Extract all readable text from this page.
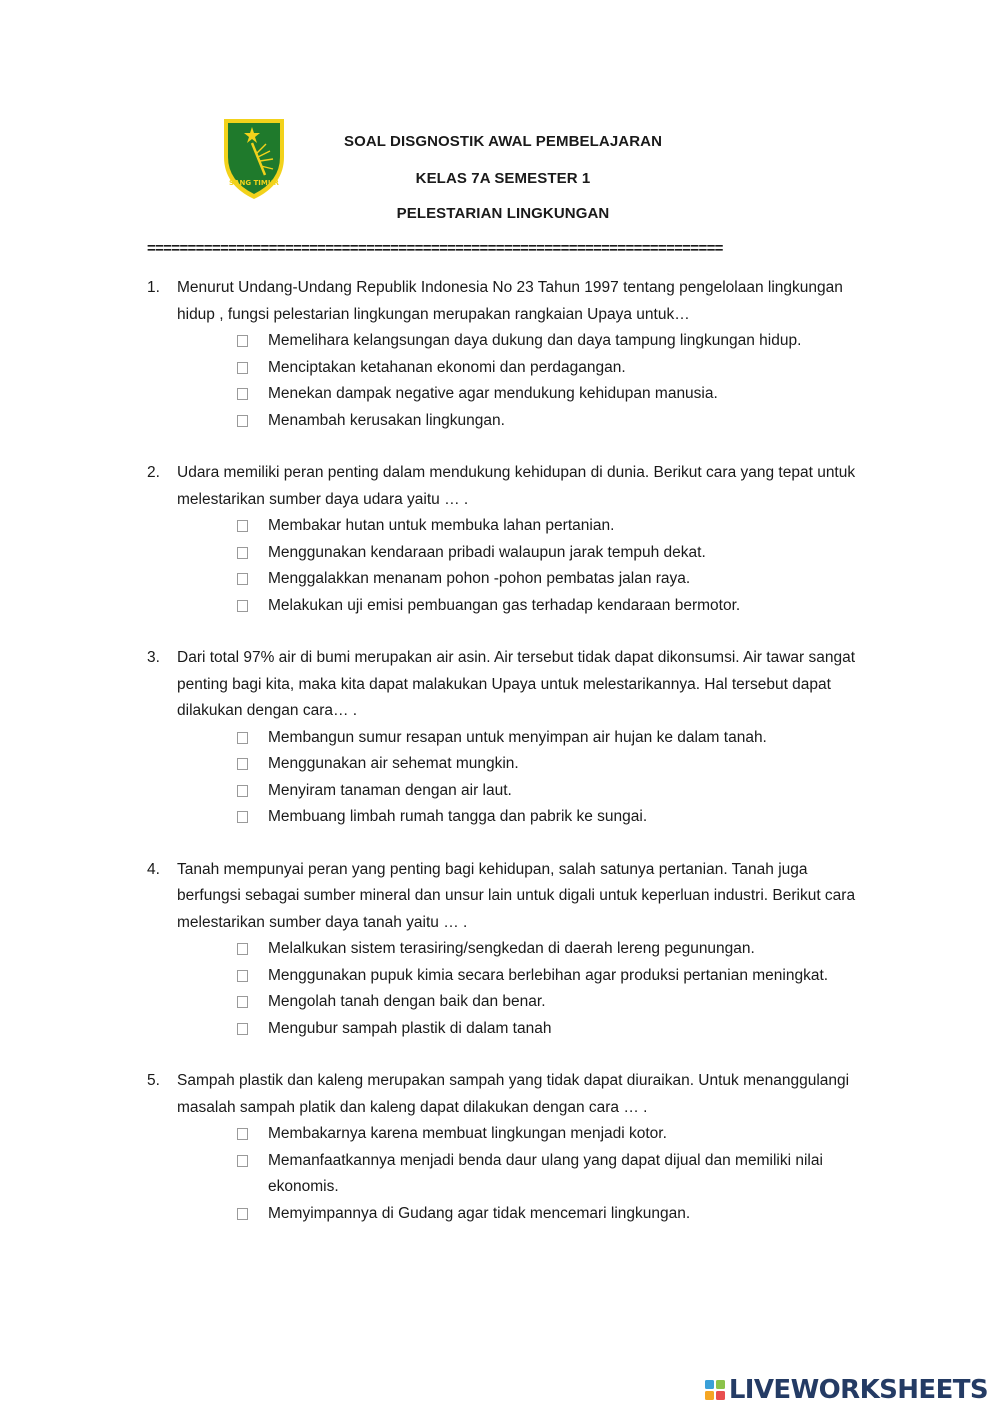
SANG TIMUR
SOAL DISGNOSTIK AWAL PEMBELAJARAN
KELAS 7A SEMESTER 1
PELESTARIAN LINGKUNGAN
=======================================================================
1. Menurut Undang-Undang Republik Indonesia No 23 Tahun 1997 tentang pengelolaan lingkungan hidup , fungsi pelestarian lingkungan merupakan rangkaian Upaya untuk…
Memelihara kelangsungan daya dukung dan daya tampung lingkungan hidup.
Menciptakan ketahanan ekonomi dan perdagangan.
Menekan dampak negative agar mendukung kehidupan manusia.
Menambah kerusakan lingkungan.
2. Udara memiliki peran penting dalam mendukung kehidupan di dunia. Berikut cara yang tepat untuk melestarikan sumber daya udara yaitu … .
Membakar hutan untuk membuka lahan pertanian.
Menggunakan kendaraan pribadi walaupun jarak tempuh dekat.
Menggalakkan menanam pohon -pohon pembatas jalan raya.
Melakukan uji emisi pembuangan gas terhadap kendaraan bermotor.
3. Dari total 97% air di bumi merupakan air asin. Air tersebut tidak dapat dikonsumsi. Air tawar sangat penting bagi kita, maka kita dapat malakukan Upaya untuk melestarikannya. Hal tersebut dapat dilakukan dengan cara… .
Membangun sumur resapan untuk menyimpan air hujan ke dalam tanah.
Menggunakan air sehemat mungkin.
Menyiram tanaman dengan air laut.
Membuang limbah rumah tangga dan pabrik ke sungai.
4. Tanah mempunyai peran yang penting bagi kehidupan, salah satunya pertanian. Tanah juga berfungsi sebagai sumber mineral dan unsur lain untuk digali untuk keperluan industri. Berikut cara melestarikan sumber daya tanah yaitu … .
Melalkukan sistem terasiring/sengkedan di daerah lereng pegunungan.
Menggunakan pupuk kimia secara berlebihan agar produksi pertanian meningkat.
Mengolah tanah dengan baik dan benar.
Mengubur sampah plastik di dalam tanah
5. Sampah plastik dan kaleng merupakan sampah yang tidak dapat diuraikan. Untuk menanggulangi masalah sampah platik dan kaleng dapat dilakukan dengan cara … .
Membakarnya karena membuat lingkungan menjadi kotor.
Memanfaatkannya menjadi benda daur ulang yang dapat dijual dan memiliki nilai ekonomis.
Memyimpannya di Gudang agar tidak mencemari lingkungan.
LIVEWORKSHEETS
